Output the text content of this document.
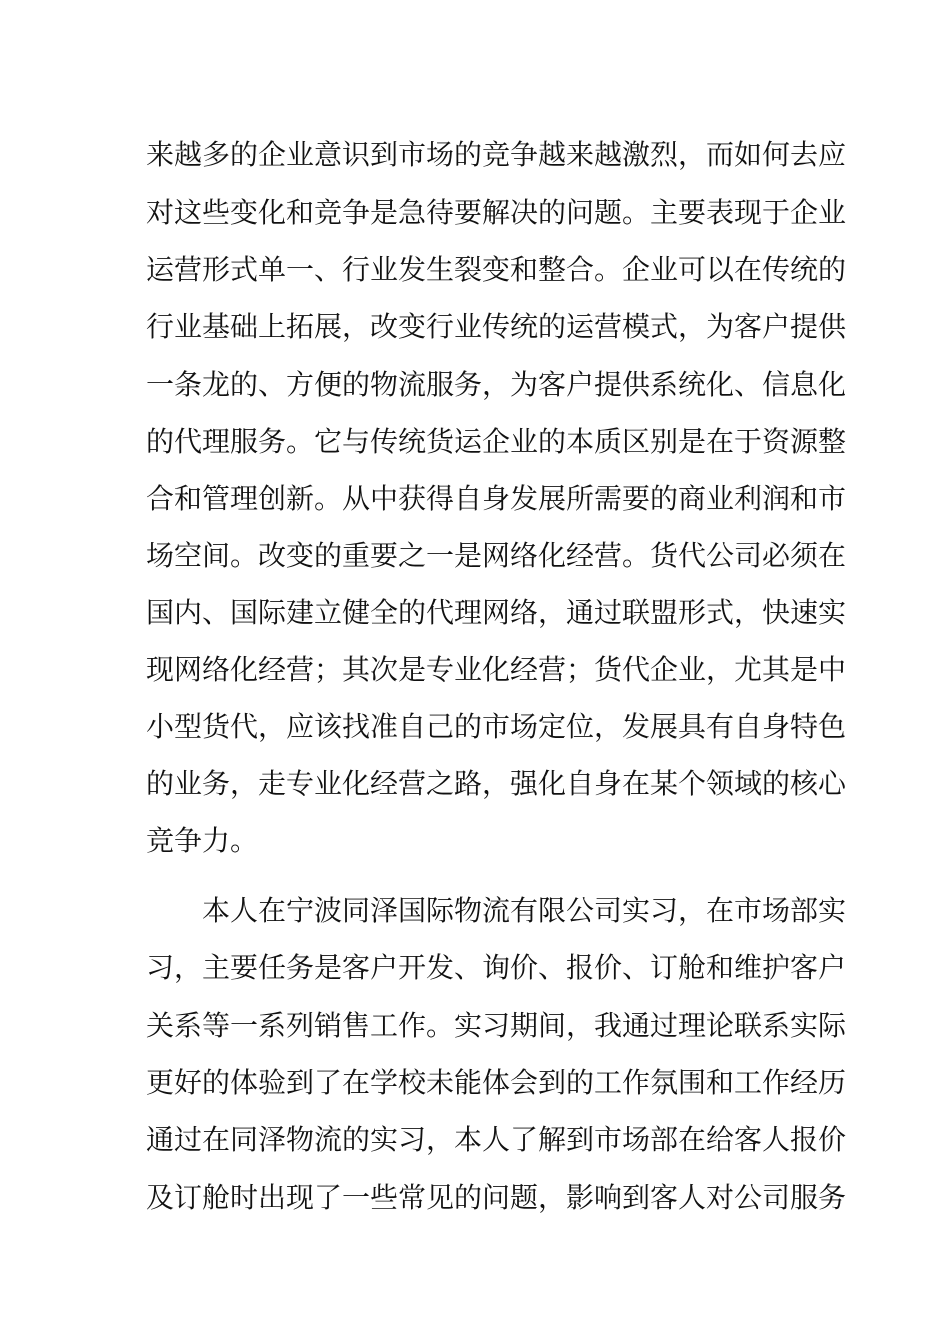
来越多的企业意识到市场的竞争越来越激烈，而如何去应
对这些变化和竞争是急待要解决的问题。主要表现于企业
运营形式单一、行业发生裂变和整合。企业可以在传统的
行业基础上拓展，改变行业传统的运营模式，为客户提供
一条龙的、方便的物流服务，为客户提供系统化、信息化
的代理服务。它与传统货运企业的本质区别是在于资源整
合和管理创新。从中获得自身发展所需要的商业利润和市
场空间。改变的重要之一是网络化经营。货代公司必须在
国内、国际建立健全的代理网络，通过联盟形式，快速实
现网络化经营；其次是专业化经营；货代企业，尤其是中
小型货代，应该找准自己的市场定位，发展具有自身特色
的业务，走专业化经营之路，强化自身在某个领域的核心
竞争力。
本人在宁波同泽国际物流有限公司实习，在市场部实
习，主要任务是客户开发、询价、报价、订舱和维护客户
关系等一系列销售工作。实习期间，我通过理论联系实际
更好的体验到了在学校未能体会到的工作氛围和工作经历
通过在同泽物流的实习，本人了解到市场部在给客人报价
及订舱时出现了一些常见的问题，影响到客人对公司服务
